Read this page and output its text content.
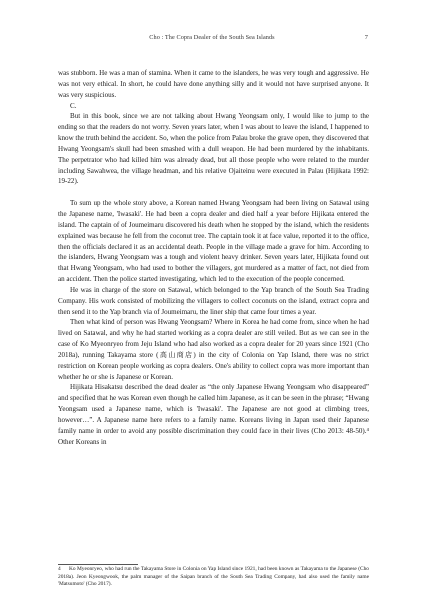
Cho : The Copra Dealer of the South Sea Islands	7

was stubborn. He was a man of stamina. When it came to the islanders, he was very tough and aggressive. He was not very ethical. In short, he could have done anything silly and it would not have surprised anyone. It was very suspicious.

C.

But in this book, since we are not talking about Hwang Yeongsam only, I would like to jump to the ending so that the readers do not worry. Seven years later, when I was about to leave the island, I happened to know the truth behind the accident. So, when the police from Palau broke the grave open, they discovered that Hwang Yeongsam's skull had been smashed with a dull weapon. He had been murdered by the inhabitants. The perpetrator who had killed him was already dead, but all those people who were related to the murder including Sawahwea, the village headman, and his relative Ojaiteinu were executed in Palau (Hijikata 1992: 19-22).

To sum up the whole story above, a Korean named Hwang Yeongsam had been living on Satawal using the Japanese name, 'Iwasaki'. He had been a copra dealer and died half a year before Hijikata entered the island. The captain of of Joumeimaru discovered his death when he stopped by the island, which the residents explained was because he fell from the coconut tree. The captain took it at face value, reported it to the office, then the officials declared it as an accidental death. People in the village made a grave for him. According to the islanders, Hwang Yeongsam was a tough and violent heavy drinker. Seven years later, Hijikata found out that Hwang Yeongsam, who had used to bother the villagers, got murdered as a matter of fact, not died from an accident. Then the police started investigating, which led to the execution of the people concerned.

He was in charge of the store on Satawal, which belonged to the Yap branch of the South Sea Trading Company. His work consisted of mobilizing the villagers to collect coconuts on the island, extract copra and then send it to the Yap branch via of Joumeimaru, the liner ship that came four times a year.

Then what kind of person was Hwang Yeongsam? Where in Korea he had come from, since when he had lived on Satawal, and why he had started working as a copra dealer are still veiled. But as we can see in the case of Ko Myeonryeo from Jeju Island who had also worked as a copra dealer for 20 years since 1921 (Cho 2018a), running Takayama store (高山商店) in the city of Colonia on Yap Island, there was no strict restriction on Korean people working as copra dealers. One's ability to collect copra was more important than whether he or she is Japanese or Korean.

Hijikata Hisakatsu described the dead dealer as “the only Japanese Hwang Yeongsam who disappeared” and specified that he was Korean even though he called him Japanese, as it can be seen in the phrase; “Hwang Yeongsam used a Japanese name, which is 'Iwasaki'. The Japanese are not good at climbing trees, however…”. A Japanese name here refers to a family name. Koreans living in Japan used their Japanese family name in order to avoid any possible discrimination they could face in their lives (Cho 2013: 48-50).⁴ Other Koreans in

4 Ko Myeonryeo, who had run the Takayama Store in Colonia on Yap Island since 1921, had been known as Takayama to the Japanese (Cho 2018a). Jeon Kyeongwook, the palm manager of the Saipan branch of the South Sea Trading Company, had also used the family name 'Matsumoto' (Cho 2017).
